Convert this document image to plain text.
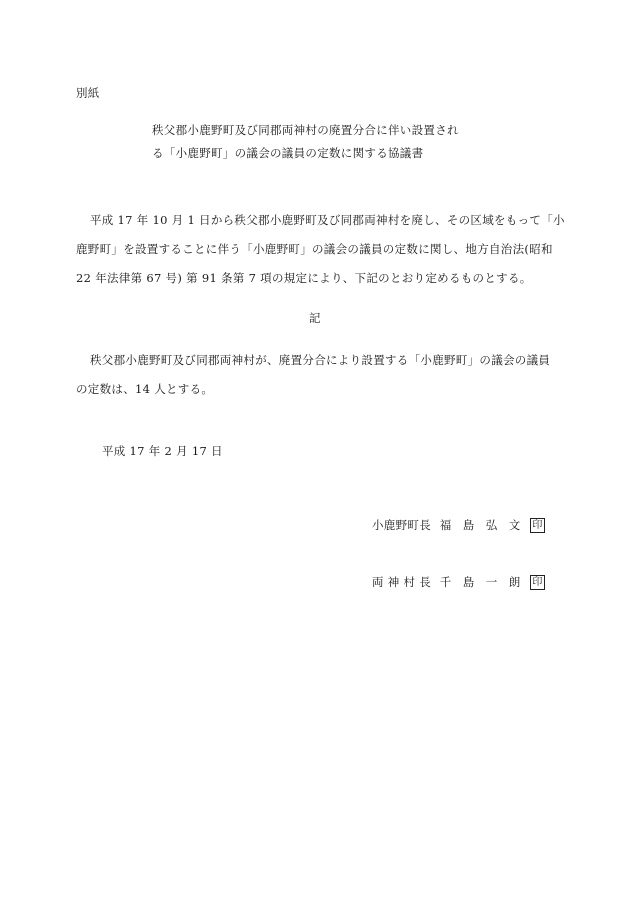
別紙
秩父郡小鹿野町及び同郡両神村の廃置分合に伴い設置され
る「小鹿野町」の議会の議員の定数に関する協議書
平成 17 年 10 月 1 日から秩父郡小鹿野町及び同郡両神村を廃し、その区域をもって「小
鹿野町」を設置することに伴う「小鹿野町」の議会の議員の定数に関し、地方自治法(昭和
22 年法律第 67 号) 第 91 条第 7 項の規定により、下記のとおり定めるものとする。
記
秩父郡小鹿野町及び同郡両神村が、廃置分合により設置する「小鹿野町」の議会の議員
の定数は、14 人とする。
平成 17 年 2 月 17 日
小鹿野町長 福 島 弘 文	印
両 神 村 長 千 島 一 朗	印
